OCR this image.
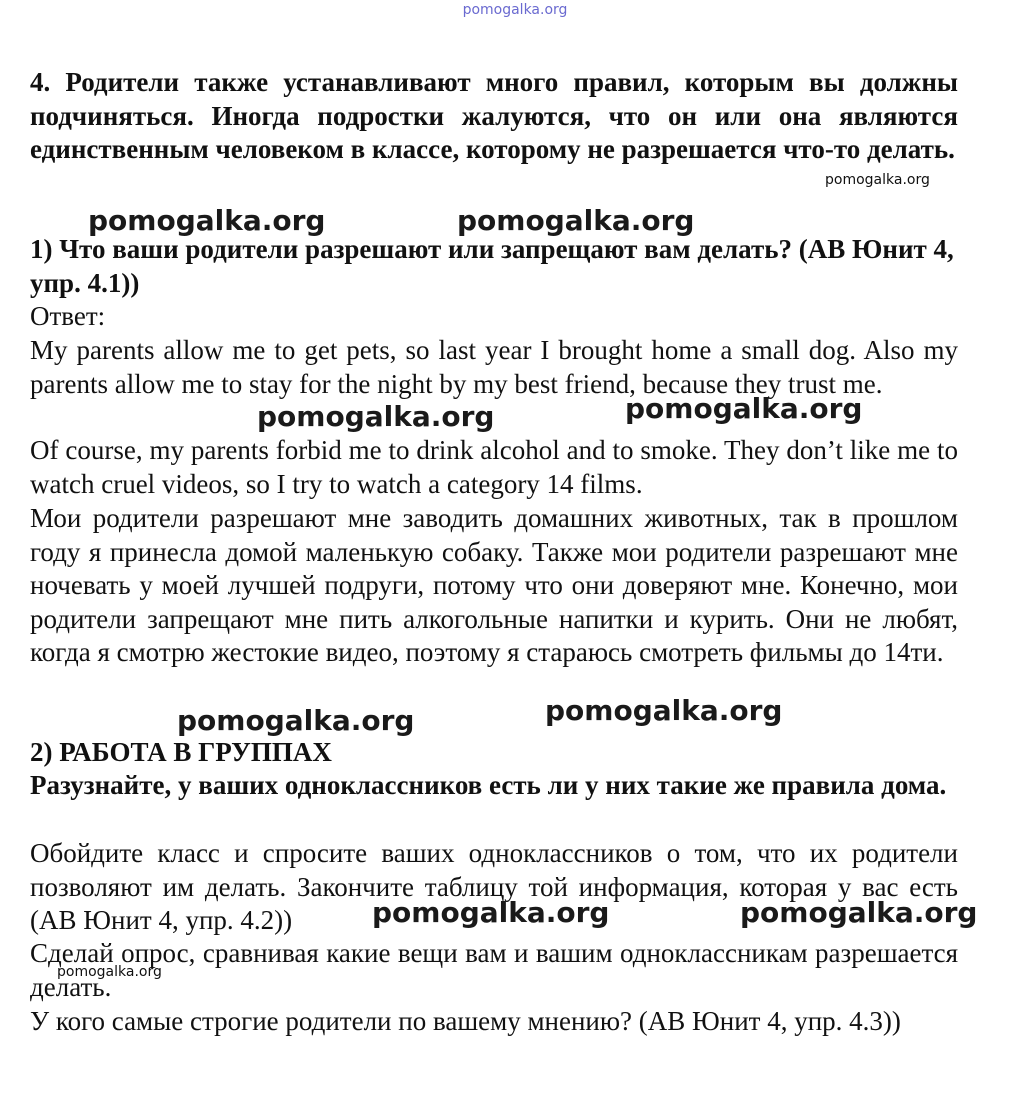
pomogalka.org

4. Родители также устанавливают много правил, которым вы должны подчиняться. Иногда подростки жалуются, что он или она являются единственным человеком в классе, которому не разрешается что-то делать.

pomogalka.org
pomogalka.org	pomogalka.org

1) Что ваши родители разрешают или запрещают вам делать? (АВ Юнит 4, упр. 4.1))

Ответ:

My parents allow me to get pets, so last year I brought home a small dog. Also my parents allow me to stay for the night by my best friend, because they trust me.

pomogalka.org	pomogalka.org

Of course, my parents forbid me to drink alcohol and to smoke. They don’t like me to watch cruel videos, so I try to watch a category 14 films.

Мои родители разрешают мне заводить домашних животных, так в прошлом году я принесла домой маленькую собаку. Также мои родители разрешают мне ночевать у моей лучшей подруги, потому что они доверяют мне. Конечно, мои родители запрещают мне пить алкогольные напитки и курить. Они не любят, когда я смотрю жестокие видео, поэтому я стараюсь смотреть фильмы до 14ти.

pomogalka.org	pomogalka.org

2) РАБОТА В ГРУППАХ

Разузнайте, у ваших одноклассников есть ли у них такие же правила дома.

Обойдите класс и спросите ваших одноклассников о том, что их родители позволяют им делать. Закончите таблицу той информация, которая у вас есть (АВ Юнит 4, упр. 4.2))	pomogalka.org	pomogalka.org

Сделай опрос, сравнивая какие вещи вам и вашим одноклассникам разрешается делать.

pomogalka.org

У кого самые строгие родители по вашему мнению? (АВ Юнит 4, упр. 4.3))
